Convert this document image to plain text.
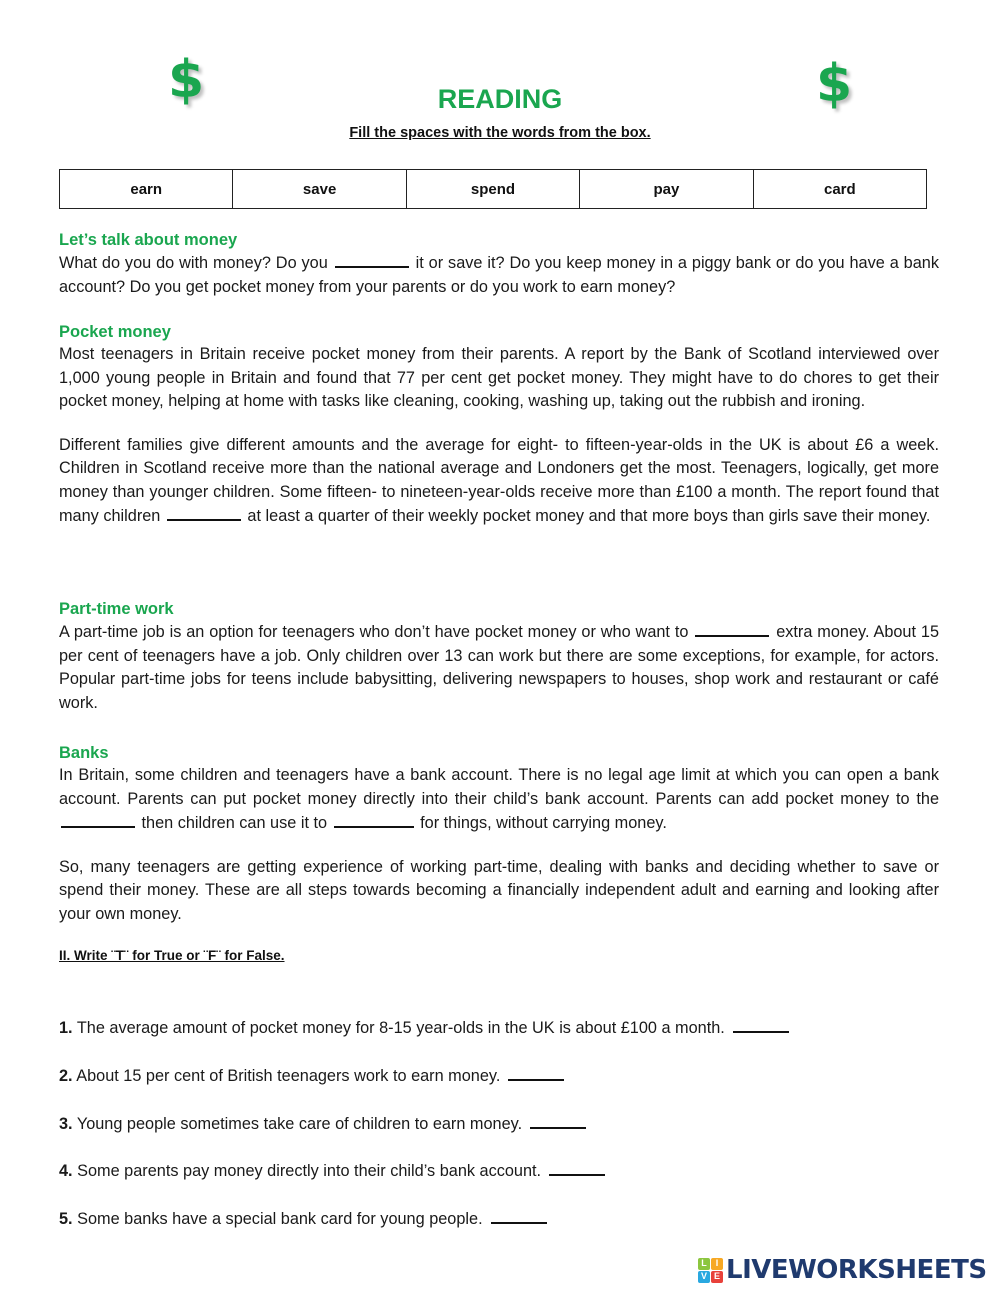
$	$
READING
Fill the spaces with the words from the box.
earn	save	spend	pay	card

Let’s talk about money

What do you do with money? Do you	it or save it? Do you keep money in a piggy bank or do you have a bank account? Do you get pocket money from your parents or do you work to earn money?

Pocket money

Most teenagers in Britain receive pocket money from their parents. A report by the Bank of Scotland interviewed over 1,000 young people in Britain and found that 77 per cent get pocket money. They might have to do chores to get their pocket money, helping at home with tasks like cleaning, cooking, washing up, taking out the rubbish and ironing.

Different families give different amounts and the average for eight- to fifteen-year-olds in the UK is about £6 a week. Children in Scotland receive more than the national average and Londoners get the most. Teenagers, logically, get more money than younger children. Some fifteen- to nineteen-year-olds receive more than £100 a month. The report found that many children	at least a quarter of their weekly pocket money and that more boys than girls save their money.

Part-time work

A part-time job is an option for teenagers who don’t have pocket money or who want to	extra money. About 15 per cent of teenagers have a job. Only children over 13 can work but there are some exceptions, for example, for actors. Popular part-time jobs for teens include babysitting, delivering newspapers to houses, shop work and restaurant or café work.

Banks

In Britain, some children and teenagers have a bank account. There is no legal age limit at which you can open a bank account. Parents can put pocket money directly into their child’s bank account. Parents can add pocket money to the  then children can use it to	for things, without carrying money.

So, many teenagers are getting experience of working part-time, dealing with banks and deciding whether to save or spend their money. These are all steps towards becoming a financially independent adult and earning and looking after your own money.

II. Write ¨T¨ for True or ¨F¨ for False.
1. The average amount of pocket money for 8-15 year-olds in the UK is about £100 a month.
2. About 15 per cent of British teenagers work to earn money.
3. Young people sometimes take care of children to earn money.
4. Some parents pay money directly into their child’s bank account.
5. Some banks have a special bank card for young people.
L I
V E LIVEWORKSHEETS
